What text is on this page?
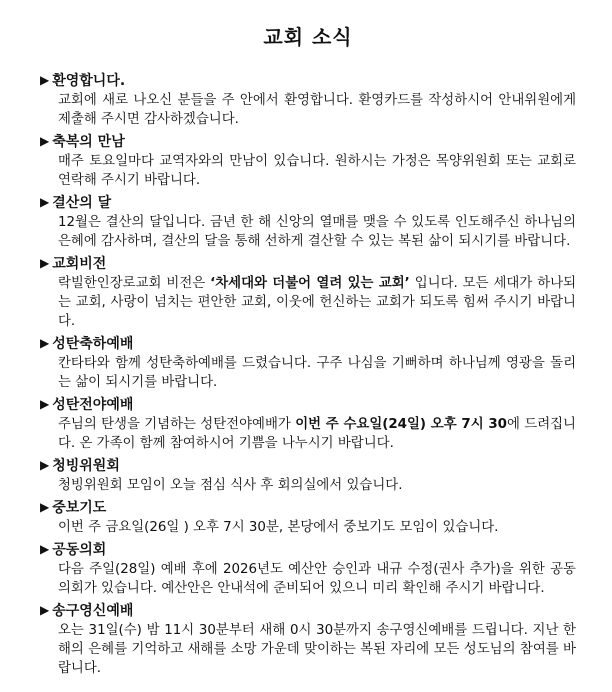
교회 소식
▶ 환영합니다.
교회에 새로 나오신 분들을 주 안에서 환영합니다. 환영카드를 작성하시어 안내위원에게 제출해 주시면 감사하겠습니다.
▶ 축복의 만남
매주 토요일마다 교역자와의 만남이 있습니다. 원하시는 가정은 목양위원회 또는 교회로 연락해 주시기 바랍니다.
▶ 결산의 달
12월은 결산의 달입니다. 금년 한 해 신앙의 열매를 맺을 수 있도록 인도해주신 하나님의 은혜에 감사하며, 결산의 달을 통해 선하게 결산할 수 있는 복된 삶이 되시기를 바랍니다.
▶ 교회비전
락빌한인장로교회 비전은 ‘차세대와 더불어 열려 있는 교회’ 입니다. 모든 세대가 하나되는 교회, 사랑이 넘치는 편안한 교회, 이웃에 헌신하는 교회가 되도록 힘써 주시기 바랍니다.
▶ 성탄축하예배
칸타타와 함께 성탄축하예배를 드렸습니다. 구주 나심을 기뻐하며 하나님께 영광을 돌리는 삶이 되시기를 바랍니다.
▶ 성탄전야예배
주님의 탄생을 기념하는 성탄전야예배가 이번 주 수요일(24일) 오후 7시 30에 드려집니다. 온 가족이 함께 참여하시어 기쁨을 나누시기 바랍니다.
▶ 청빙위원회
청빙위원회 모임이 오늘 점심 식사 후 회의실에서 있습니다.
▶ 중보기도
이번 주 금요일(26일 ) 오후 7시 30분, 본당에서 중보기도 모임이 있습니다.
▶ 공동의회
다음 주일(28일) 예배 후에 2026년도 예산안 승인과 내규 수정(권사 추가)을 위한 공동의회가 있습니다. 예산안은 안내석에 준비되어 있으니 미리 확인해 주시기 바랍니다.
▶ 송구영신예배
오는 31일(수) 밤 11시 30분부터 새해 0시 30분까지 송구영신예배를 드립니다. 지난 한 해의 은혜를 기억하고 새해를 소망 가운데 맞이하는 복된 자리에 모든 성도님의 참여를 바랍니다.
